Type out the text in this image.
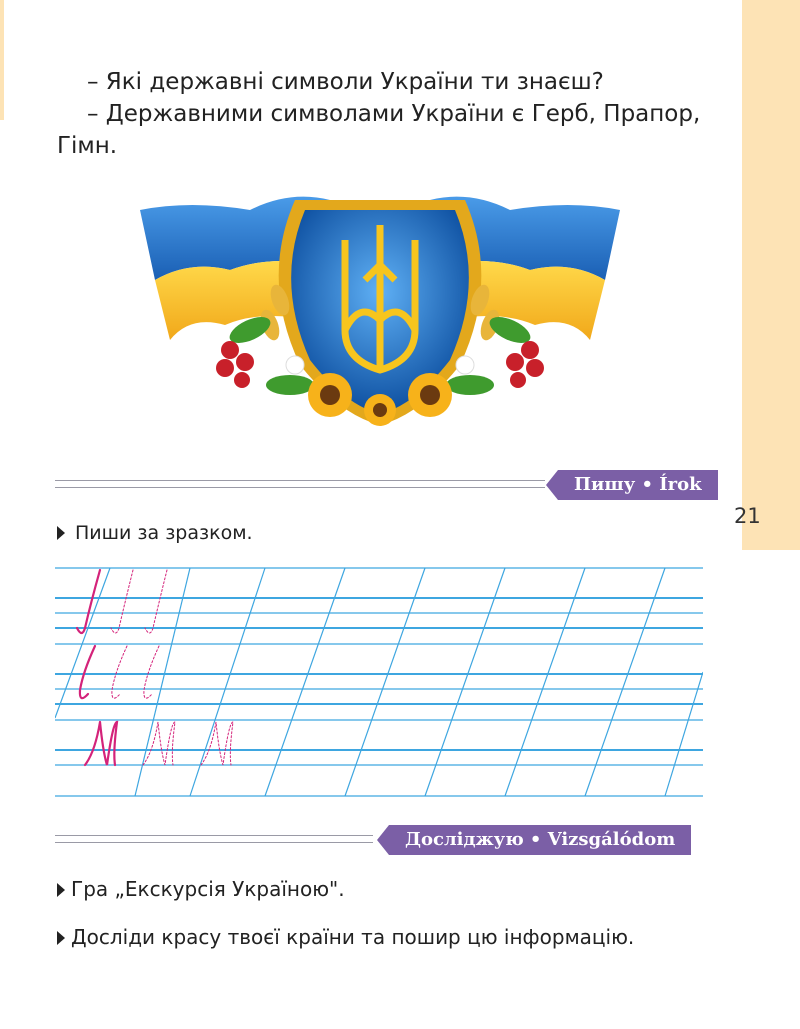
21
– Які державні символи України ти знаєш?
– Державними символами України є Герб, Прапор, Гімн.
Пишу • Írok
Пиши за зразком.
Досліджую • Vizsgálódom
Гра „Екскурсія Україною".
Досліди красу твоєї країни та пошир цю інформацію.
